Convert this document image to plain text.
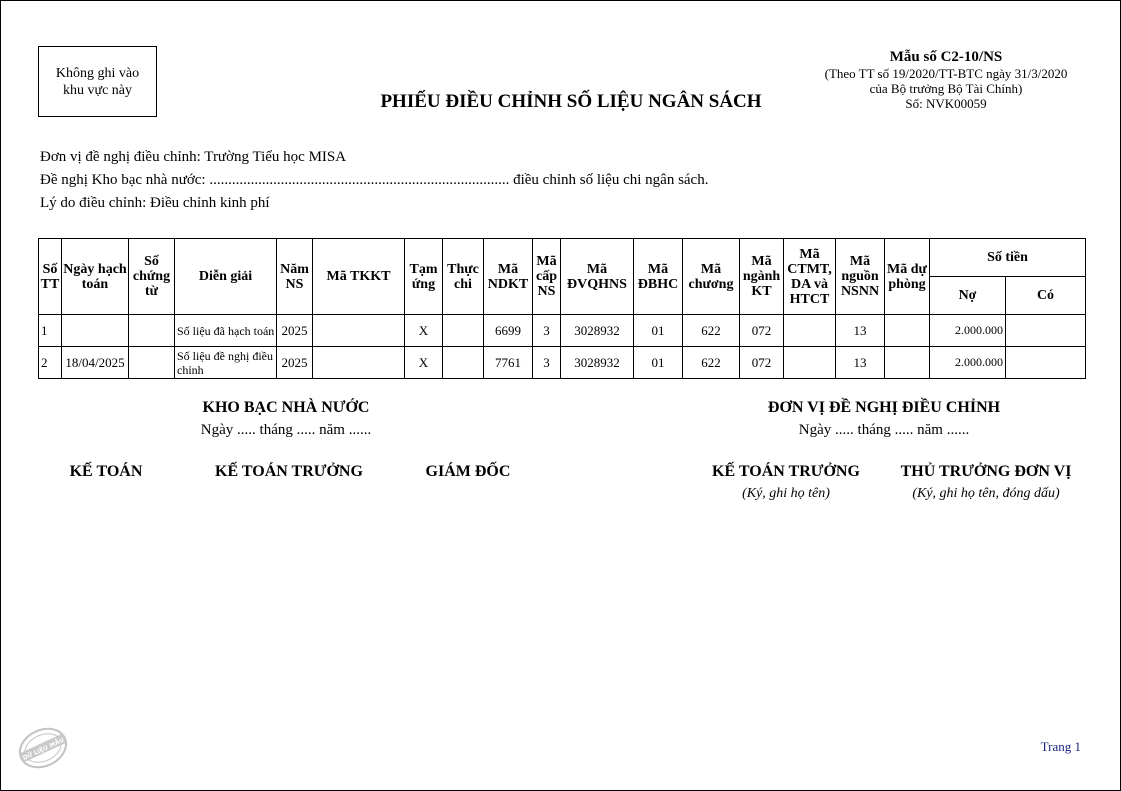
Không ghi vào
khu vực này
PHIẾU ĐIỀU CHỈNH SỐ LIỆU NGÂN SÁCH
Mẫu số C2-10/NS
(Theo TT số 19/2020/TT-BTC ngày 31/3/2020
của Bộ trưởng Bộ Tài Chính)
Số: NVK00059
Đơn vị đề nghị điều chỉnh: Trường Tiểu học MISA
Đề nghị Kho bạc nhà nước: ................................................................................ điều chỉnh số liệu chi ngân sách.
Lý do điều chỉnh: Điều chỉnh kinh phí
Số TT	Ngày hạch toán	Số chứng từ	Diễn giải	Năm NS	Mã TKKT	Tạm ứng	Thực chi	Mã NDKT	Mã cấp NS	Mã ĐVQHNS	Mã ĐBHC	Mã chương	Mã ngành KT	Mã CTMT, DA và HTCT	Mã nguồn NSNN	Mã dự phòng	Số tiền	
																	Nợ	Có
1			Số liệu đã hạch toán	2025		X		6699	3	3028932	01	622	072		13		2.000.000	
2	18/04/2025		Số liệu đề nghị điều chỉnh	2025		X		7761	3	3028932	01	622	072		13		2.000.000	
KHO BẠC NHÀ NƯỚC
Ngày ..... tháng ..... năm ......
ĐƠN VỊ ĐỀ NGHỊ ĐIỀU CHỈNH
Ngày ..... tháng ..... năm ......
KẾ TOÁN	KẾ TOÁN TRƯỞNG	GIÁM ĐỐC	KẾ TOÁN TRƯỞNG
(Ký, ghi họ tên)
THỦ TRƯỞNG ĐƠN VỊ
(Ký, ghi họ tên, đóng dấu)
Trang 1
DỮ LIỆU MẪU
